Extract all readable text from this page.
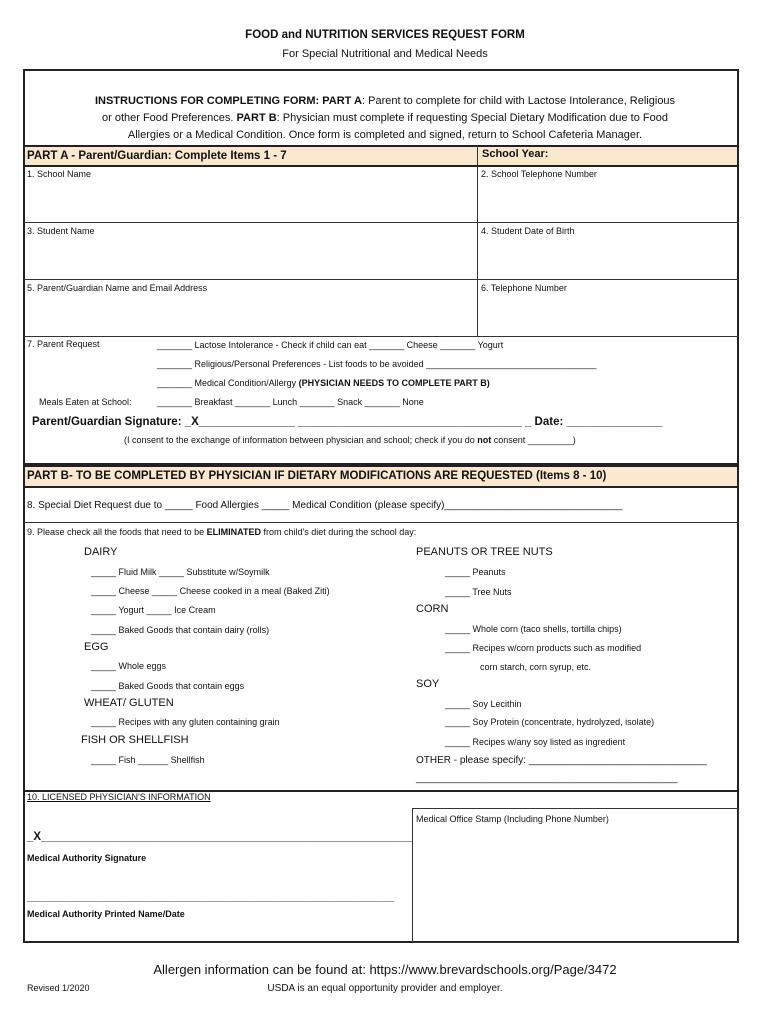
FOOD and NUTRITION SERVICES REQUEST FORM
For Special Nutritional and Medical Needs
INSTRUCTIONS FOR COMPLETING FORM: PART A: Parent to complete for child with Lactose Intolerance, Religious
or other Food Preferences. PART B: Physician must complete if requesting Special Dietary Modification due to Food
Allergies or a Medical Condition. Once form is completed and signed, return to School Cafeteria Manager.
PART A - Parent/Guardian: Complete Items 1 - 7	School Year:
1. School Name	2. School Telephone Number
3. Student Name	4. Student Date of Birth
5. Parent/Guardian Name and Email Address	6. Telephone Number
7. Parent Request	_______ Lactose Intolerance - Check if child can eat _______ Cheese _______ Yogurt
_______ Religious/Personal Preferences - List foods to be avoided __________________________________
_______ Medical Condition/Allergy (PHYSICIAN NEEDS TO COMPLETE PART B)
Meals Eaten at School:	_______ Breakfast _______ Lunch _______ Snack _______ None
Parent/Guardian Signature: _X_______________ ___________________________________ _ Date: _______________
(I consent to the exchange of information between physician and school; check if you do not consent _________)
PART B- TO BE COMPLETED BY PHYSICIAN IF DIETARY MODIFICATIONS ARE REQUESTED (Items 8 - 10)
8. Special Diet Request due to _____ Food Allergies _____ Medical Condition (please specify)________________________________
9. Please check all the foods that need to be ELIMINATED from child's diet during the school day:
DAIRY
_____ Fluid Milk _____ Substitute w/Soymilk
_____ Cheese _____ Cheese cooked in a meal (Baked Ziti)
_____ Yogurt _____ Ice Cream
_____ Baked Goods that contain dairy (rolls)
EGG
_____ Whole eggs
_____ Baked Goods that contain eggs
WHEAT/ GLUTEN
_____ Recipes with any gluten containing grain
FISH OR SHELLFISH
_____ Fish ______ Shellfish
PEANUTS OR TREE NUTS
_____ Peanuts
_____ Tree Nuts
CORN
_____ Whole corn (taco shells, tortilla chips)
_____ Recipes w/corn products such as modified
corn starch, corn syrup, etc.
SOY
_____ Soy Lecithin
_____ Soy Protein (concentrate, hydrolyzed, isolate)
_____ Recipes w/any soy listed as ingredient
OTHER - please specify: ________________________________
_______________________________________________
10. LICENSED PHYSICIAN'S INFORMATION
Medical Office Stamp (Including Phone Number)
_X__________________________________________________________
Medical Authority Signature
____________________________________________________________
Medical Authority Printed Name/Date
Allergen information can be found at: https://www.brevardschools.org/Page/3472
Revised 1/2020	USDA is an equal opportunity provider and employer.
